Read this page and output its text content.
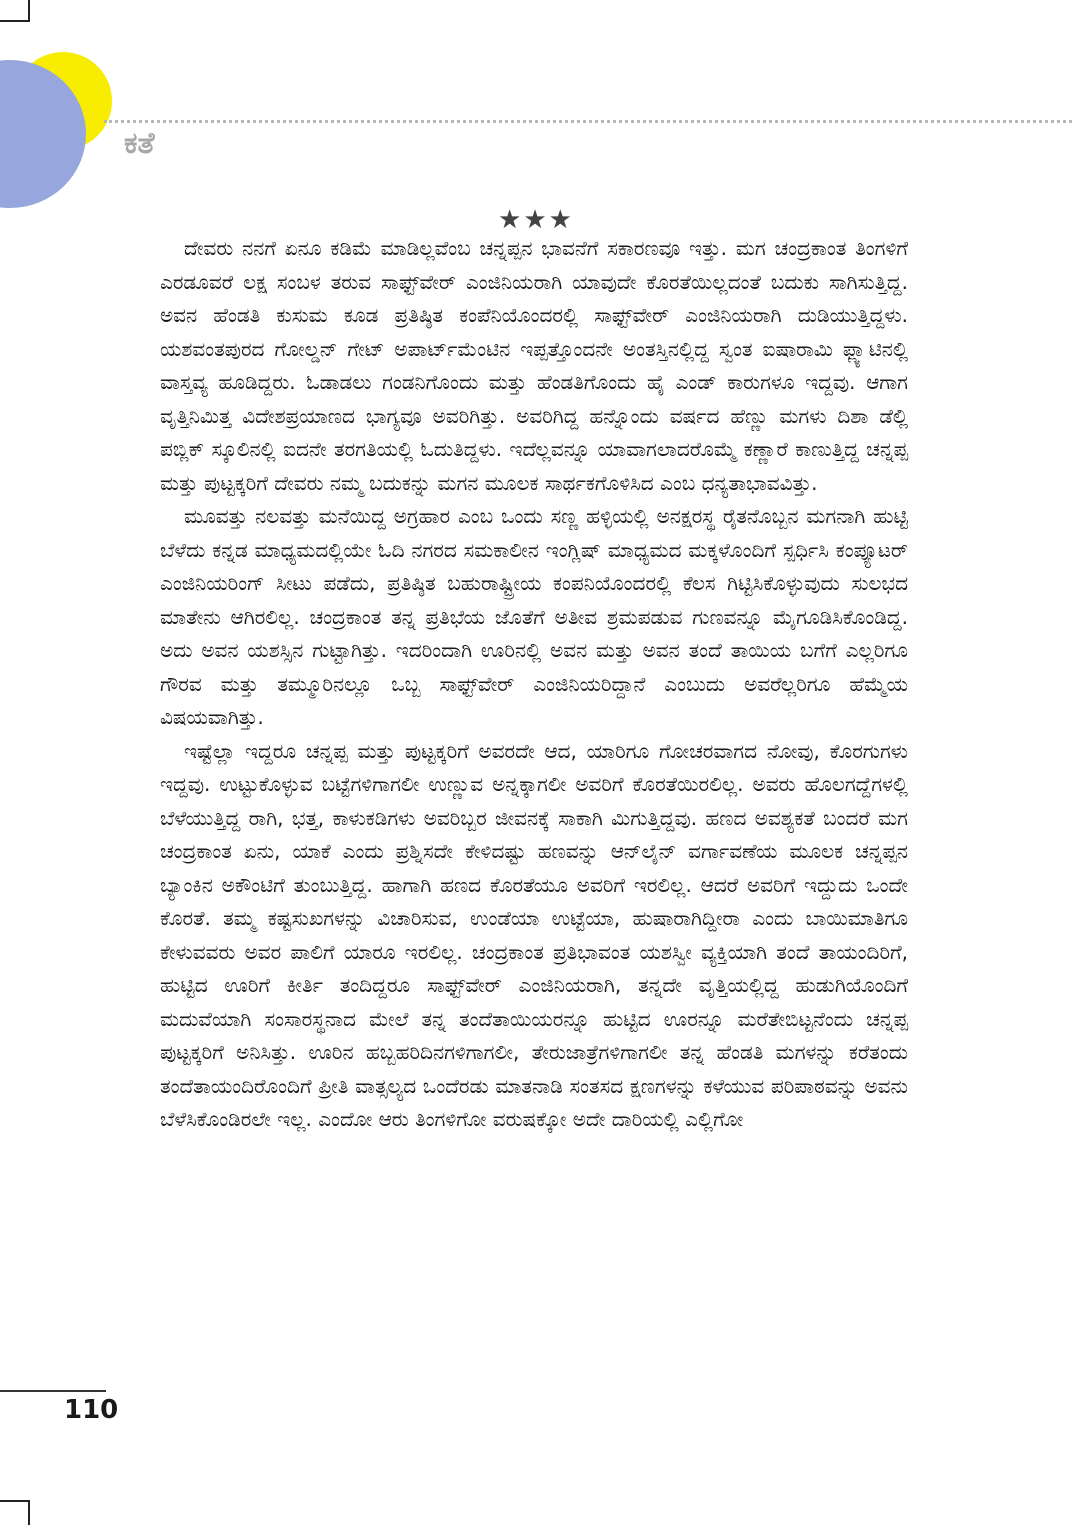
ಕತೆ
★★★

ದೇವರು ನನಗೆ ಏನೂ ಕಡಿಮೆ ಮಾಡಿಲ್ಲವೆಂಬ ಚನ್ನಪ್ಪನ ಭಾವನೆಗೆ ಸಕಾರಣವೂ ಇತ್ತು. ಮಗ ಚಂದ್ರಕಾಂತ ತಿಂಗಳಿಗೆ ಎರಡೂವರೆ ಲಕ್ಷ ಸಂಬಳ ತರುವ ಸಾಫ್ಟ್‌ವೇರ್ ಎಂಜಿನಿಯರಾಗಿ ಯಾವುದೇ ಕೊರತೆಯಿಲ್ಲದಂತೆ ಬದುಕು ಸಾಗಿಸುತ್ತಿದ್ದ. ಅವನ ಹೆಂಡತಿ ಕುಸುಮ ಕೂಡ ಪ್ರತಿಷ್ಠಿತ ಕಂಪೆನಿಯೊಂದರಲ್ಲಿ ಸಾಫ್ಟ್‌ವೇರ್ ಎಂಜಿನಿಯರಾಗಿ ದುಡಿಯುತ್ತಿದ್ದಳು. ಯಶವಂತಪುರದ ಗೋಲ್ಡನ್ ಗೇಟ್ ಅಪಾರ್ಟ್‌ಮೆಂಟಿನ ಇಪ್ಪತ್ತೊಂದನೇ ಅಂತಸ್ತಿನಲ್ಲಿದ್ದ ಸ್ವಂತ ಐಷಾರಾಮಿ ಫ್ಲ್ಯಾಟಿನಲ್ಲಿ ವಾಸ್ತವ್ಯ ಹೂಡಿದ್ದರು. ಓಡಾಡಲು ಗಂಡನಿಗೊಂದು ಮತ್ತು ಹೆಂಡತಿಗೊಂದು ಹೈ ಎಂಡ್ ಕಾರುಗಳೂ ಇದ್ದವು. ಆಗಾಗ ವೃತ್ತಿನಿಮಿತ್ತ ವಿದೇಶಪ್ರಯಾಣದ ಭಾಗ್ಯವೂ ಅವರಿಗಿತ್ತು. ಅವರಿಗಿದ್ದ ಹನ್ನೊಂದು ವರ್ಷದ ಹೆಣ್ಣು ಮಗಳು ದಿಶಾ ಡೆಲ್ಲಿ ಪಬ್ಲಿಕ್ ಸ್ಕೂಲಿನಲ್ಲಿ ಐದನೇ ತರಗತಿಯಲ್ಲಿ ಓದುತಿದ್ದಳು. ಇದೆಲ್ಲವನ್ನೂ ಯಾವಾಗಲಾದರೊಮ್ಮೆ ಕಣ್ಣಾರೆ ಕಾಣುತ್ತಿದ್ದ ಚನ್ನಪ್ಪ ಮತ್ತು ಪುಟ್ಟಕ್ಕರಿಗೆ ದೇವರು ನಮ್ಮ ಬದುಕನ್ನು ಮಗನ ಮೂಲಕ ಸಾರ್ಥಕಗೊಳಿಸಿದ ಎಂಬ ಧನ್ಯತಾಭಾವವಿತ್ತು.

ಮೂವತ್ತು ನಲವತ್ತು ಮನೆಯಿದ್ದ ಅಗ್ರಹಾರ ಎಂಬ ಒಂದು ಸಣ್ಣ ಹಳ್ಳಿಯಲ್ಲಿ ಅನಕ್ಷರಸ್ಥ ರೈತನೊಬ್ಬನ ಮಗನಾಗಿ ಹುಟ್ಟಿ ಬೆಳೆದು ಕನ್ನಡ ಮಾಧ್ಯಮದಲ್ಲಿಯೇ ಓದಿ ನಗರದ ಸಮಕಾಲೀನ ಇಂಗ್ಲಿಷ್ ಮಾಧ್ಯಮದ ಮಕ್ಕಳೊಂದಿಗೆ ಸ್ಪರ್ಧಿಸಿ ಕಂಪ್ಯೂಟರ್ ಎಂಜಿನಿಯರಿಂಗ್ ಸೀಟು ಪಡೆದು, ಪ್ರತಿಷ್ಠಿತ ಬಹುರಾಷ್ಟ್ರೀಯ ಕಂಪನಿಯೊಂದರಲ್ಲಿ ಕೆಲಸ ಗಿಟ್ಟಿಸಿಕೊಳ್ಳುವುದು ಸುಲಭದ ಮಾತೇನು ಆಗಿರಲಿಲ್ಲ. ಚಂದ್ರಕಾಂತ ತನ್ನ ಪ್ರತಿಭೆಯ ಜೊತೆಗೆ ಅತೀವ ಶ್ರಮಪಡುವ ಗುಣವನ್ನೂ ಮೈಗೂಡಿಸಿಕೊಂಡಿದ್ದ. ಅದು ಅವನ ಯಶಸ್ಸಿನ ಗುಟ್ಟಾಗಿತ್ತು. ಇದರಿಂದಾಗಿ ಊರಿನಲ್ಲಿ ಅವನ ಮತ್ತು ಅವನ ತಂದೆ ತಾಯಿಯ ಬಗೆಗೆ ಎಲ್ಲರಿಗೂ ಗೌರವ ಮತ್ತು ತಮ್ಮೂರಿನಲ್ಲೂ ಒಬ್ಬ ಸಾಫ್ಟ್‌ವೇರ್ ಎಂಜಿನಿಯರಿದ್ದಾನೆ ಎಂಬುದು ಅವರೆಲ್ಲರಿಗೂ ಹೆಮ್ಮೆಯ ವಿಷಯವಾಗಿತ್ತು.

ಇಷ್ಟೆಲ್ಲಾ ಇದ್ದರೂ ಚನ್ನಪ್ಪ ಮತ್ತು ಪುಟ್ಟಕ್ಕರಿಗೆ ಅವರದೇ ಆದ, ಯಾರಿಗೂ ಗೋಚರವಾಗದ ನೋವು, ಕೊರಗುಗಳು ಇದ್ದವು. ಉಟ್ಟುಕೊಳ್ಳುವ ಬಟ್ಟೆಗಳಿಗಾಗಲೀ ಉಣ್ಣುವ ಅನ್ನಕ್ಕಾಗಲೀ ಅವರಿಗೆ ಕೊರತೆಯಿರಲಿಲ್ಲ. ಅವರು ಹೊಲಗದ್ದೆಗಳಲ್ಲಿ ಬೆಳೆಯುತ್ತಿದ್ದ ರಾಗಿ, ಭತ್ತ, ಕಾಳುಕಡಿಗಳು ಅವರಿಬ್ಬರ ಜೀವನಕ್ಕೆ ಸಾಕಾಗಿ ಮಿಗುತ್ತಿದ್ದವು. ಹಣದ ಅವಶ್ಯಕತೆ ಬಂದರೆ ಮಗ ಚಂದ್ರಕಾಂತ ಏನು, ಯಾಕೆ ಎಂದು ಪ್ರಶ್ನಿಸದೇ ಕೇಳಿದಷ್ಟು ಹಣವನ್ನು ಆನ್‌ಲೈನ್ ವರ್ಗಾವಣೆಯ ಮೂಲಕ ಚನ್ನಪ್ಪನ ಬ್ಯಾಂಕಿನ ಅಕೌಂಟಿಗೆ ತುಂಬುತ್ತಿದ್ದ. ಹಾಗಾಗಿ ಹಣದ ಕೊರತೆಯೂ ಅವರಿಗೆ ಇರಲಿಲ್ಲ. ಆದರೆ ಅವರಿಗೆ ಇದ್ದುದು ಒಂದೇ ಕೊರತೆ. ತಮ್ಮ ಕಷ್ಟಸುಖಗಳನ್ನು ವಿಚಾರಿಸುವ, ಉಂಡೆಯಾ ಉಟ್ಟೆಯಾ, ಹುಷಾರಾಗಿದ್ದೀರಾ ಎಂದು ಬಾಯಿಮಾತಿಗೂ ಕೇಳುವವರು ಅವರ ಪಾಲಿಗೆ ಯಾರೂ ಇರಲಿಲ್ಲ. ಚಂದ್ರಕಾಂತ ಪ್ರತಿಭಾವಂತ ಯಶಸ್ವೀ ವ್ಯಕ್ತಿಯಾಗಿ ತಂದೆ ತಾಯಂದಿರಿಗೆ, ಹುಟ್ಟಿದ ಊರಿಗೆ ಕೀರ್ತಿ ತಂದಿದ್ದರೂ ಸಾಫ್ಟ್‌ವೇರ್ ಎಂಜಿನಿಯರಾಗಿ, ತನ್ನದೇ ವೃತ್ತಿಯಲ್ಲಿದ್ದ ಹುಡುಗಿಯೊಂದಿಗೆ ಮದುವೆಯಾಗಿ ಸಂಸಾರಸ್ಥನಾದ ಮೇಲೆ ತನ್ನ ತಂದೆತಾಯಿಯರನ್ನೂ ಹುಟ್ಟಿದ ಊರನ್ನೂ ಮರೆತೇಬಿಟ್ಟನೆಂದು ಚನ್ನಪ್ಪ ಪುಟ್ಟಕ್ಕರಿಗೆ ಅನಿಸಿತ್ತು. ಊರಿನ ಹಬ್ಬಹರಿದಿನಗಳಿಗಾಗಲೀ, ತೇರುಜಾತ್ರೆಗಳಿಗಾಗಲೀ ತನ್ನ ಹೆಂಡತಿ ಮಗಳನ್ನು ಕರೆತಂದು ತಂದೆತಾಯಂದಿರೊಂದಿಗೆ ಪ್ರೀತಿ ವಾತ್ಸಲ್ಯದ ಒಂದೆರಡು ಮಾತನಾಡಿ ಸಂತಸದ ಕ್ಷಣಗಳನ್ನು ಕಳೆಯುವ ಪರಿಪಾಠವನ್ನು ಅವನು ಬೆಳೆಸಿಕೊಂಡಿರಲೇ ಇಲ್ಲ. ಎಂದೋ ಆರು ತಿಂಗಳಿಗೋ ವರುಷಕ್ಕೋ ಅದೇ ದಾರಿಯಲ್ಲಿ ಎಲ್ಲಿಗೋ

110
